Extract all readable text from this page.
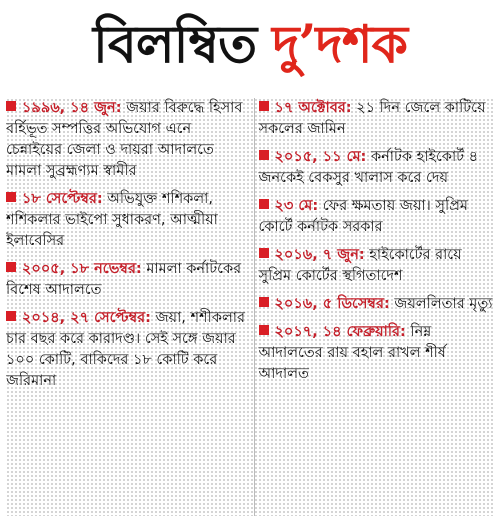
বিলম্বিত দু’দশক

১৯৯৬, ১৪ জুন: জয়ার বিরুদ্ধে হিসাব বর্হিভূত সম্পত্তির অভিযোগ এনে চেন্নাইয়ের জেলা ও দায়রা আদালতে মামলা সুব্রহ্মণ্যম স্বামীর

১৮ সেপ্টেম্বর: অভিযুক্ত শশিকলা, শশিকলার ভাইপো সুধাকরণ, আত্মীয়া ইলাবেসির

২০০৫, ১৮ নভেম্বর: মামলা কর্নাটকের বিশেষ আদালতে

২০১৪, ২৭ সেপ্টেম্বর: জয়া, শশীকলার চার বছর করে কারাদণ্ড। সেই সঙ্গে জয়ার ১০০ কোটি, বাকিদের ১৮ কোটি করে জরিমানা

১৭ অক্টোবর: ২১ দিন জেলে কাটিয়ে সকলের জামিন

২০১৫, ১১ মে: কর্নাটক হাইকোর্ট ৪ জনকেই বেকসুর খালাস করে দেয়

২৩ মে: ফের ক্ষমতায় জয়া। সুপ্রিম কোর্টে কর্নাটক সরকার

২০১৬, ৭ জুন: হাইকোর্টের রায়ে সুপ্রিম কোর্টের স্থগিতাদেশ

২০১৬, ৫ ডিসেম্বর: জয়ললিতার মৃত্যু

২০১৭, ১৪ ফেব্রুয়ারি: নিম্ন আদালতের রায় বহাল রাখল শীর্ষ আদালত
